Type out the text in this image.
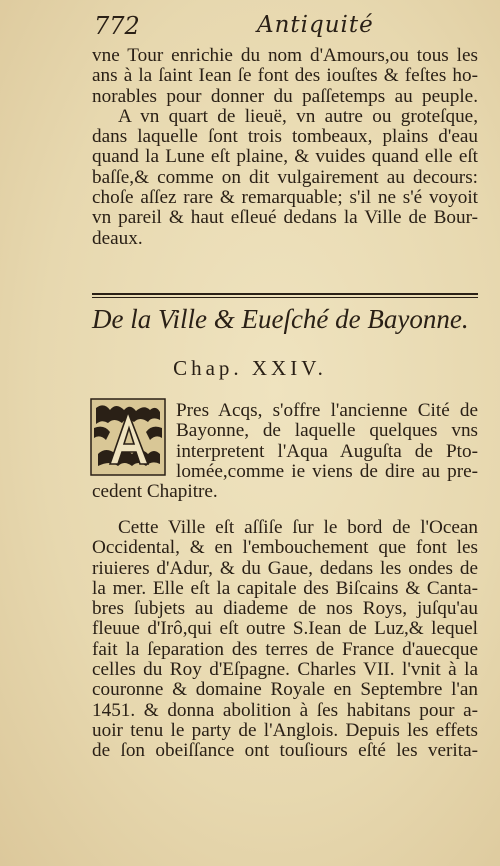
772	Antiquité
vne Tour enrichie du nom d'Amours,ou tous les
ans à la ſaint Iean ſe font des iouſtes & feſtes ho-
norables pour donner du paſſetemps au peuple.
A vn quart de lieuë, vn autre ou groteſque,
dans laquelle ſont trois tombeaux, plains d'eau
quand la Lune eſt plaine, & vuides quand elle eſt
baſſe,& comme on dit vulgairement au decours:
choſe aſſez rare & remarquable; s'il ne s'é voyoit
vn pareil & haut eſleué dedans la Ville de Bour-
deaux.
De la Ville & Eueſché de Bayonne.
Chap. XXIV.
Pres Acqs, s'offre l'ancienne Cité de
Bayonne, de laquelle quelques vns
interpretent l'Aqua Auguſta de Pto-
lomée,comme ie viens de dire au pre-
cedent Chapitre.
Cette Ville eſt aſſiſe ſur le bord de l'Ocean
Occidental, & en l'embouchement que font les
riuieres d'Adur, & du Gaue, dedans les ondes de
la mer. Elle eſt la capitale des Biſcains & Canta-
bres ſubjets au diademe de nos Roys, juſqu'au
fleuue d'Irô,qui eſt outre S.Iean de Luz,& lequel
fait la ſeparation des terres de France d'auecque
celles du Roy d'Eſpagne. Charles VII. l'vnit à la
couronne & domaine Royale en Septembre l'an
1451. & donna abolition à ſes habitans pour a-
uoir tenu le party de l'Anglois. Depuis les effets
de ſon obeiſſance ont touſiours eſté les verita-
